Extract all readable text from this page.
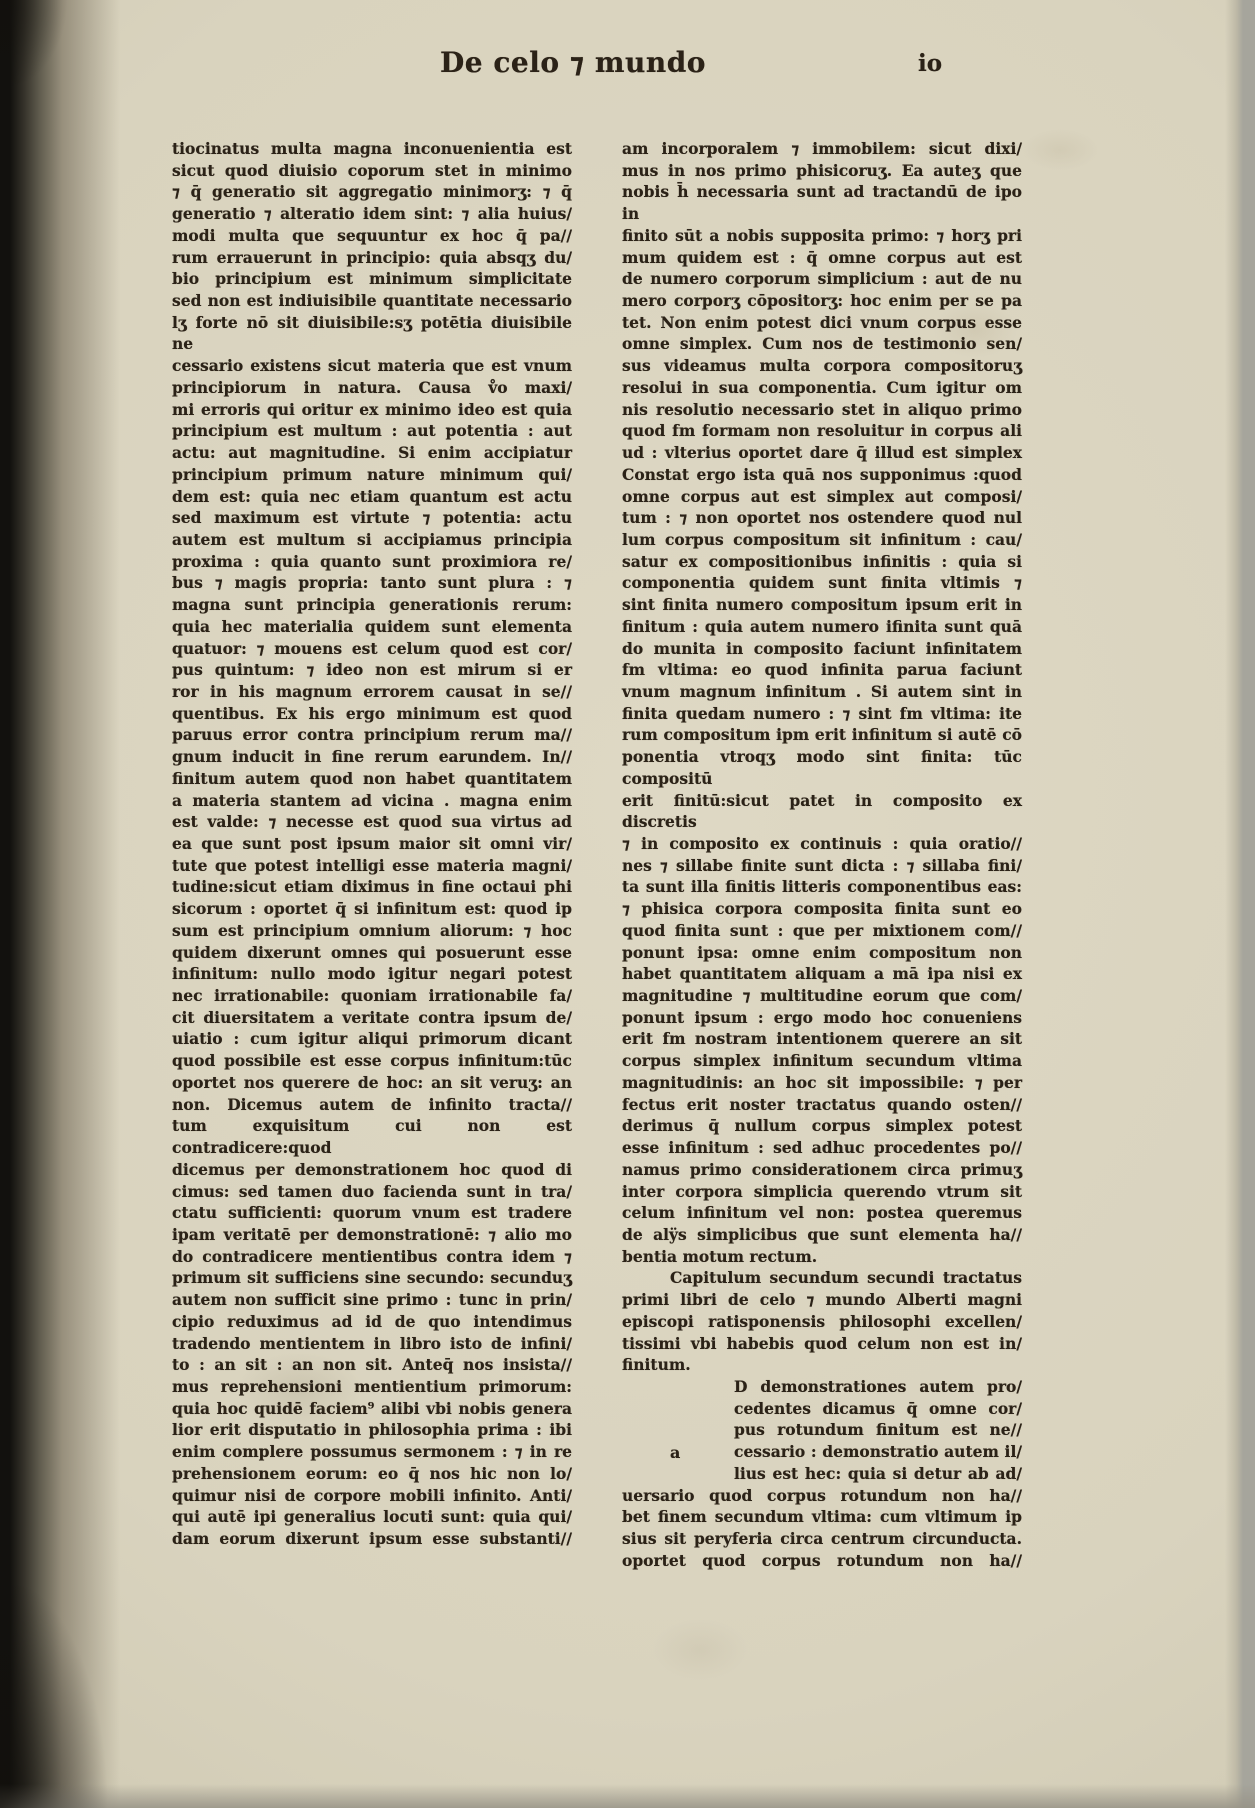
De celo ⁊ mundo	io
tiocinatus multa magna inconuenientia est
sicut quod diuisio coporum stet in minimo
⁊ q̄ generatio sit aggregatio minimorʒ: ⁊ q̄
generatio ⁊ alteratio idem sint: ⁊ alia huius/
modi multa que sequuntur ex hoc q̄ pa//
rum errauerunt in principio: quia absqʒ du/
bio principium est minimum simplicitate
sed non est indiuisibile quantitate necessario
lʒ forte nō sit diuisibile:sʒ potētia diuisibile ne
cessario existens sicut materia que est vnum
principiorum in natura. Causa v̊o maxi/
mi erroris qui oritur ex minimo ideo est quia
principium est multum : aut potentia : aut
actu: aut magnitudine. Si enim accipiatur
principium primum nature minimum qui/
dem est: quia nec etiam quantum est actu
sed maximum est virtute ⁊ potentia: actu
autem est multum si accipiamus principia
proxima : quia quanto sunt proximiora re/
bus ⁊ magis propria: tanto sunt plura : ⁊
magna sunt principia generationis rerum:
quia hec materialia quidem sunt elementa
quatuor: ⁊ mouens est celum quod est cor/
pus quintum: ⁊ ideo non est mirum si er
ror in his magnum errorem causat in se//
quentibus. Ex his ergo minimum est quod
paruus error contra principium rerum ma//
gnum inducit in fine rerum earundem. In//
finitum autem quod non habet quantitatem
a materia stantem ad vicina . magna enim
est valde: ⁊ necesse est quod sua virtus ad
ea que sunt post ipsum maior sit omni vir/
tute que potest intelligi esse materia magni/
tudine:sicut etiam diximus in fine octaui phi
sicorum : oportet q̄ si infinitum est: quod ip
sum est principium omnium aliorum: ⁊ hoc
quidem dixerunt omnes qui posuerunt esse
infinitum: nullo modo igitur negari potest
nec irrationabile: quoniam irrationabile fa/
cit diuersitatem a veritate contra ipsum de/
uiatio : cum igitur aliqui primorum dicant
quod possibile est esse corpus infinitum:tūc
oportet nos querere de hoc: an sit veruʒ: an
non. Dicemus autem de infinito tracta//
tum exquisitum cui non est contradicere:quod
dicemus per demonstrationem hoc quod di
cimus: sed tamen duo facienda sunt in tra/
ctatu sufficienti: quorum vnum est tradere
ipam veritatē per demonstrationē: ⁊ alio mo
do contradicere mentientibus contra idem ⁊
primum sit sufficiens sine secundo: secunduʒ
autem non sufficit sine primo : tunc in prin/
cipio reduximus ad id de quo intendimus
tradendo mentientem in libro isto de infini/
to : an sit : an non sit. Anteq̄ nos insista//
mus reprehensioni mentientium primorum:
quia hoc quidē faciem⁹ alibi vbi nobis genera
lior erit disputatio in philosophia prima : ibi
enim complere possumus sermonem : ⁊ in re
prehensionem eorum: eo q̄ nos hic non lo/
quimur nisi de corpore mobili infinito. Anti/
qui autē ipi generalius locuti sunt: quia qui/
dam eorum dixerunt ipsum esse substanti//
am incorporalem ⁊ immobilem: sicut dixi/
mus in nos primo phisicoruʒ. Ea auteʒ que
nobis h̄ necessaria sunt ad tractandū de ipo in
finito sūt a nobis supposita primo: ⁊ horʒ pri
mum quidem est : q̄ omne corpus aut est
de numero corporum simplicium : aut de nu
mero corporʒ cōpositorʒ: hoc enim per se pa
tet. Non enim potest dici vnum corpus esse
omne simplex. Cum nos de testimonio sen/
sus videamus multa corpora compositoruʒ
resolui in sua componentia. Cum igitur om
nis resolutio necessario stet in aliquo primo
quod fm formam non resoluitur in corpus ali
ud : vlterius oportet dare q̄ illud est simplex
Constat ergo ista quā nos supponimus :quod
omne corpus aut est simplex aut composi/
tum : ⁊ non oportet nos ostendere quod nul
lum corpus compositum sit infinitum : cau/
satur ex compositionibus infinitis : quia si
componentia quidem sunt finita vltimis ⁊
sint finita numero compositum ipsum erit in
finitum : quia autem numero ifinita sunt quā
do munita in composito faciunt infinitatem
fm vltima: eo quod infinita parua faciunt
vnum magnum infinitum . Si autem sint in
finita quedam numero : ⁊ sint fm vltima: ite
rum compositum ipm erit infinitum si autē cō
ponentia vtroqʒ modo sint finita: tūc compositū
erit finitū:sicut patet in composito ex discretis
⁊ in composito ex continuis : quia oratio//
nes ⁊ sillabe finite sunt dicta : ⁊ sillaba fini/
ta sunt illa finitis litteris componentibus eas:
⁊ phisica corpora composita finita sunt eo
quod finita sunt : que per mixtionem com//
ponunt ipsa: omne enim compositum non
habet quantitatem aliquam a mā ipa nisi ex
magnitudine ⁊ multitudine eorum que com/
ponunt ipsum : ergo modo hoc conueniens
erit fm nostram intentionem querere an sit
corpus simplex infinitum secundum vltima
magnitudinis: an hoc sit impossibile: ⁊ per
fectus erit noster tractatus quando osten//
derimus q̄ nullum corpus simplex potest
esse infinitum : sed adhuc procedentes po//
namus primo considerationem circa primuʒ
inter corpora simplicia querendo vtrum sit
celum infinitum vel non: postea queremus
de alÿs simplicibus que sunt elementa ha//
bentia motum rectum.
Capitulum secundum secundi tractatus
primi libri de celo ⁊ mundo Alberti magni
episcopi ratisponensis philosophi excellen/
tissimi vbi habebis quod celum non est in/
finitum.
a
D demonstrationes autem pro/
cedentes dicamus q̄ omne cor/
pus rotundum finitum est ne//
cessario : demonstratio autem il/
lius est hec: quia si detur ab ad/
uersario quod corpus rotundum non ha//
bet finem secundum vltima: cum vltimum ip
sius sit peryferia circa centrum circunducta.
oportet quod corpus rotundum non ha//
